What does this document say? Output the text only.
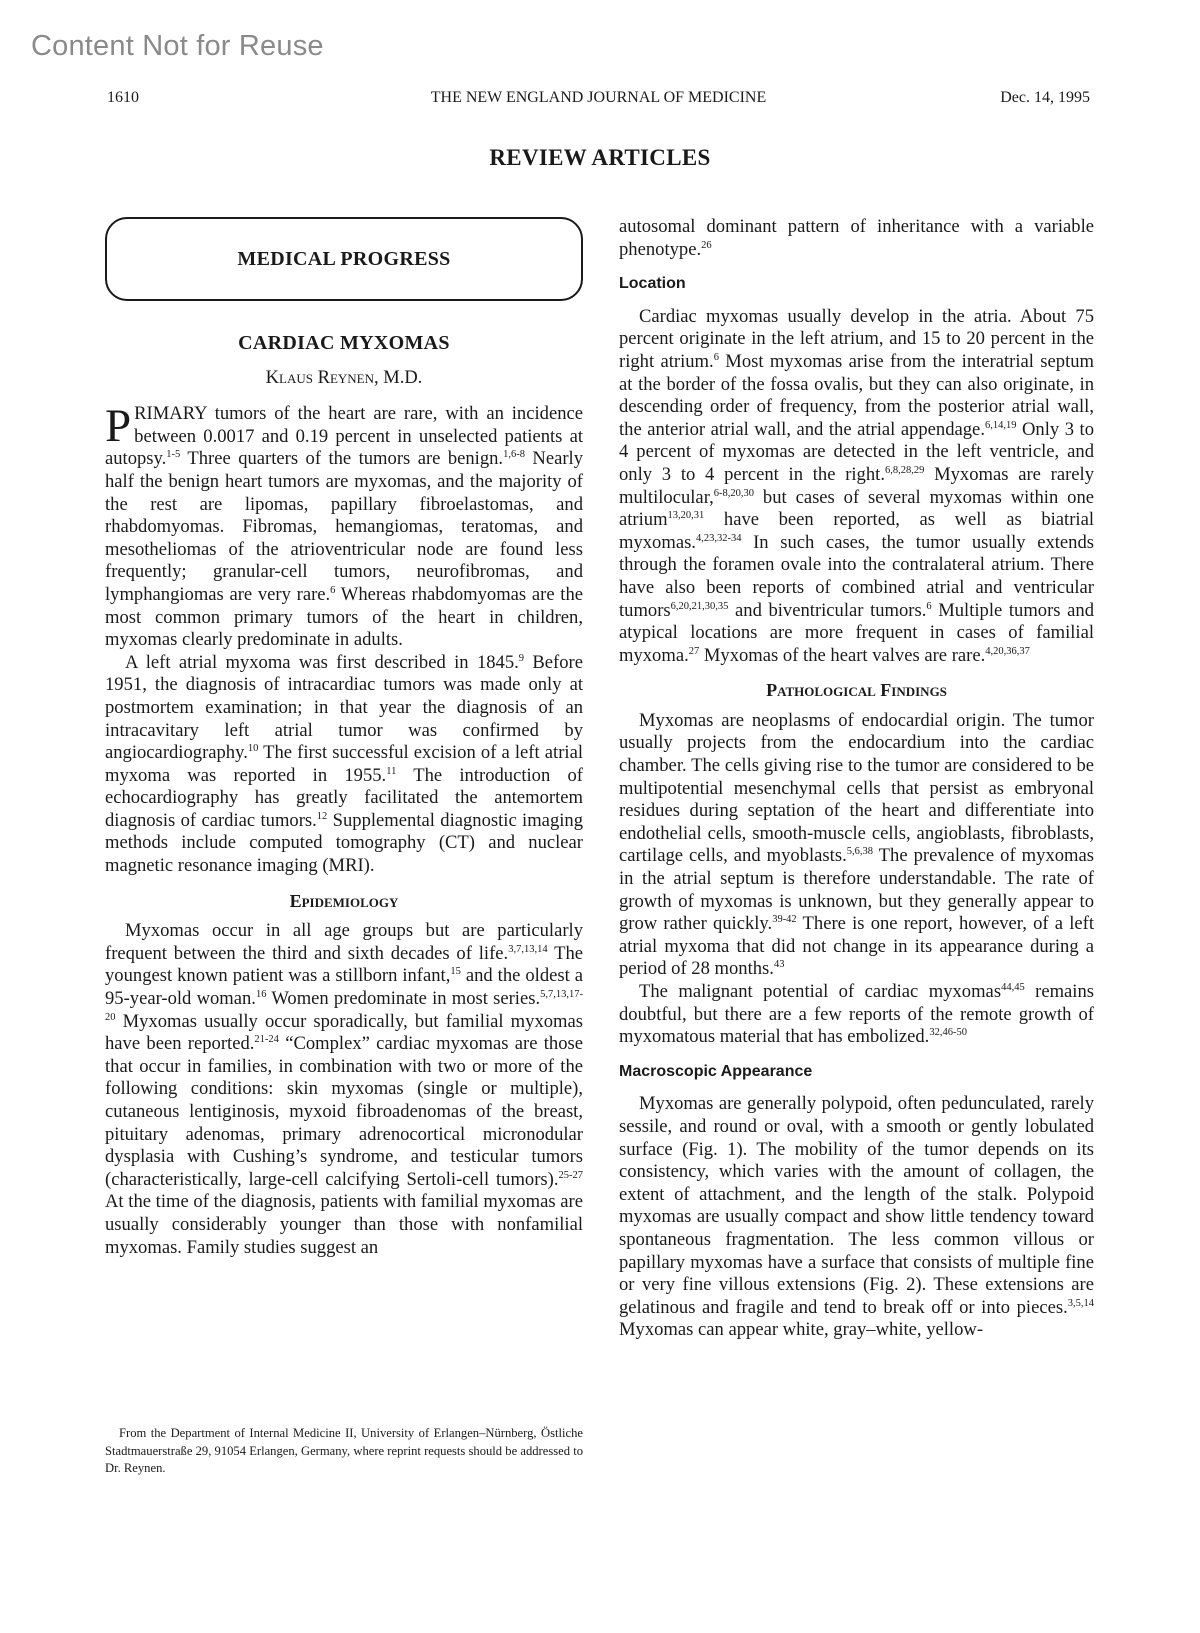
Content Not for Reuse
1610	THE NEW ENGLAND JOURNAL OF MEDICINE	Dec. 14, 1995
REVIEW ARTICLES
MEDICAL PROGRESS
CARDIAC MYXOMAS
Klaus Reynen, M.D.

PRIMARY tumors of the heart are rare, with an incidence between 0.0017 and 0.19 percent in unselected patients at autopsy.$^{1-5}$ Three quarters of the tumors are benign.$^{1,6-8}$ Nearly half the benign heart tumors are myxomas, and the majority of the rest are lipomas, papillary fibroelastomas, and rhabdomyomas. Fibromas, hemangiomas, teratomas, and mesotheliomas of the atrioventricular node are found less frequently; granular-cell tumors, neurofibromas, and lymphangiomas are very rare.$^6$ Whereas rhabdomyomas are the most common primary tumors of the heart in children, myxomas clearly predominate in adults.

A left atrial myxoma was first described in 1845.$^9$ Before 1951, the diagnosis of intracardiac tumors was made only at postmortem examination; in that year the diagnosis of an intracavitary left atrial tumor was confirmed by angiocardiography.$^{10}$ The first successful excision of a left atrial myxoma was reported in 1955.11 The introduction of echocardiography has greatly facilitated the antemortem diagnosis of cardiac tumors.$^{12}$ Supplemental diagnostic imaging methods include computed tomography (CT) and nuclear magnetic resonance imaging (MRI).

Epidemiology

Myxomas occur in all age groups but are particularly frequent between the third and sixth decades of life.$^{3,7,13,14}$ The youngest known patient was a stillborn infant,$^{15}$ and the oldest a 95-year-old woman.$^{16}$ Women predominate in most series.$^{5,7,13,17-20}$ Myxomas usually occur sporadically, but familial myxomas have been reported.$^{21-24}$ “Complex” cardiac myxomas are those that occur in families, in combination with two or more of the following conditions: skin myxomas (single or multiple), cutaneous lentiginosis, myxoid fibroadenomas of the breast, pituitary adenomas, primary adrenocortical micronodular dysplasia with Cushing’s syndrome, and testicular tumors (characteristically, large-cell calcifying Sertoli-cell tumors).$^{25-27}$ At the time of the diagnosis, patients with familial myxomas are usually considerably younger than those with nonfamilial myxomas. Family studies suggest an

From the Department of Internal Medicine II, University of Erlangen–Nürnberg, Östliche Stadtmauerstraße 29, 91054 Erlangen, Germany, where reprint requests should be addressed to Dr. Reynen.

autosomal dominant pattern of inheritance with a variable phenotype.$^{26}$

Location

Cardiac myxomas usually develop in the atria. About 75 percent originate in the left atrium, and 15 to 20 percent in the right atrium.$^6$ Most myxomas arise from the interatrial septum at the border of the fossa ovalis, but they can also originate, in descending order of frequency, from the posterior atrial wall, the anterior atrial wall, and the atrial appendage.$^{6,14,19}$ Only 3 to 4 percent of myxomas are detected in the left ventricle, and only 3 to 4 percent in the right.$^{6,8,28,29}$ Myxomas are rarely multilocular,$^{6-8,20,30}$ but cases of several myxomas within one atrium$^{13,20,31}$ have been reported, as well as biatrial myxomas.$^{4,23,32-34}$ In such cases, the tumor usually extends through the foramen ovale into the contralateral atrium. There have also been reports of combined atrial and ventricular tumors$^{6,20,21,30,35}$ and biventricular tumors.$^6$ Multiple tumors and atypical locations are more frequent in cases of familial myxoma.$^{27}$ Myxomas of the heart valves are rare.$^{4,20,36,37}$

Pathological Findings

Myxomas are neoplasms of endocardial origin. The tumor usually projects from the endocardium into the cardiac chamber. The cells giving rise to the tumor are considered to be multipotential mesenchymal cells that persist as embryonal residues during septation of the heart and differentiate into endothelial cells, smooth-muscle cells, angioblasts, fibroblasts, cartilage cells, and myoblasts.$^{5,6,38}$ The prevalence of myxomas in the atrial septum is therefore understandable. The rate of growth of myxomas is unknown, but they generally appear to grow rather quickly.$^{39-42}$ There is one report, however, of a left atrial myxoma that did not change in its appearance during a period of 28 months.$^{43}$

The malignant potential of cardiac myxomas$^{44,45}$ remains doubtful, but there are a few reports of the remote growth of myxomatous material that has embolized.$^{32,46-50}$

Macroscopic Appearance

Myxomas are generally polypoid, often pedunculated, rarely sessile, and round or oval, with a smooth or gently lobulated surface (Fig. 1). The mobility of the tumor depends on its consistency, which varies with the amount of collagen, the extent of attachment, and the length of the stalk. Polypoid myxomas are usually compact and show little tendency toward spontaneous fragmentation. The less common villous or papillary myxomas have a surface that consists of multiple fine or very fine villous extensions (Fig. 2). These extensions are gelatinous and fragile and tend to break off or into pieces.$^{3,5,14}$ Myxomas can appear white, gray–white, yellow-
